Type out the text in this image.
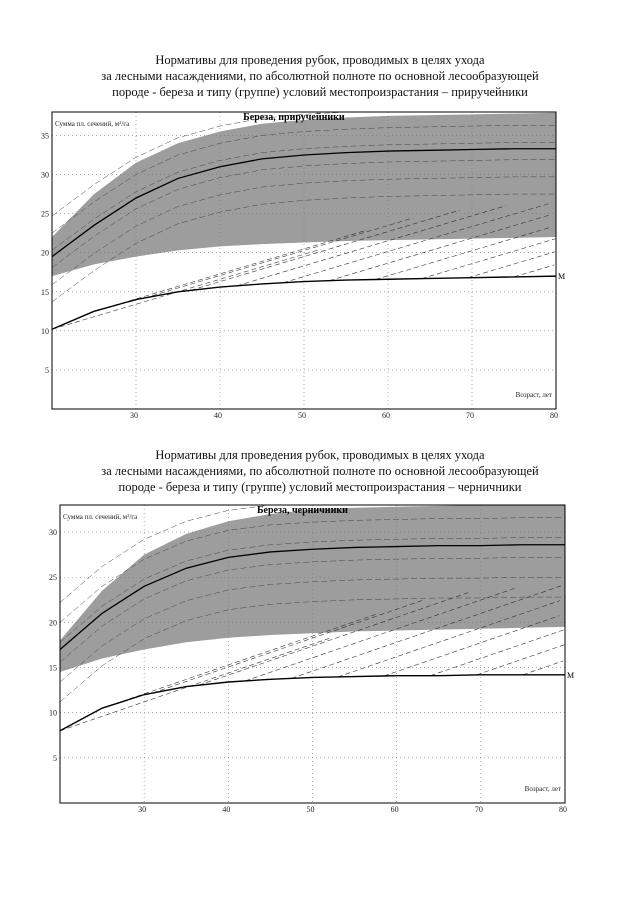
Нормативы для проведения рубок, проводимых в целях ухода
за лесными насаждениями, по абсолютной полноте по основной лесообразующей
породе - береза и типу (группе) условий местопроизрастания – приручейники
Нормативы для проведения рубок, проводимых в целях ухода
за лесными насаждениями, по абсолютной полноте по основной лесообразующей
породе - береза и типу (группе) условий местопроизрастания – черничники
5
10
15
20
25
30
35
30	40	50	60	70	80
Береза, приручейники
Сумма пл. сечений, м²/га
Возраст, лет
М
5
10
15
20
25
30
30	40	50	60	70	80
Береза, черничники
Сумма пл. сечений, м²/га
Возраст, лет
М
